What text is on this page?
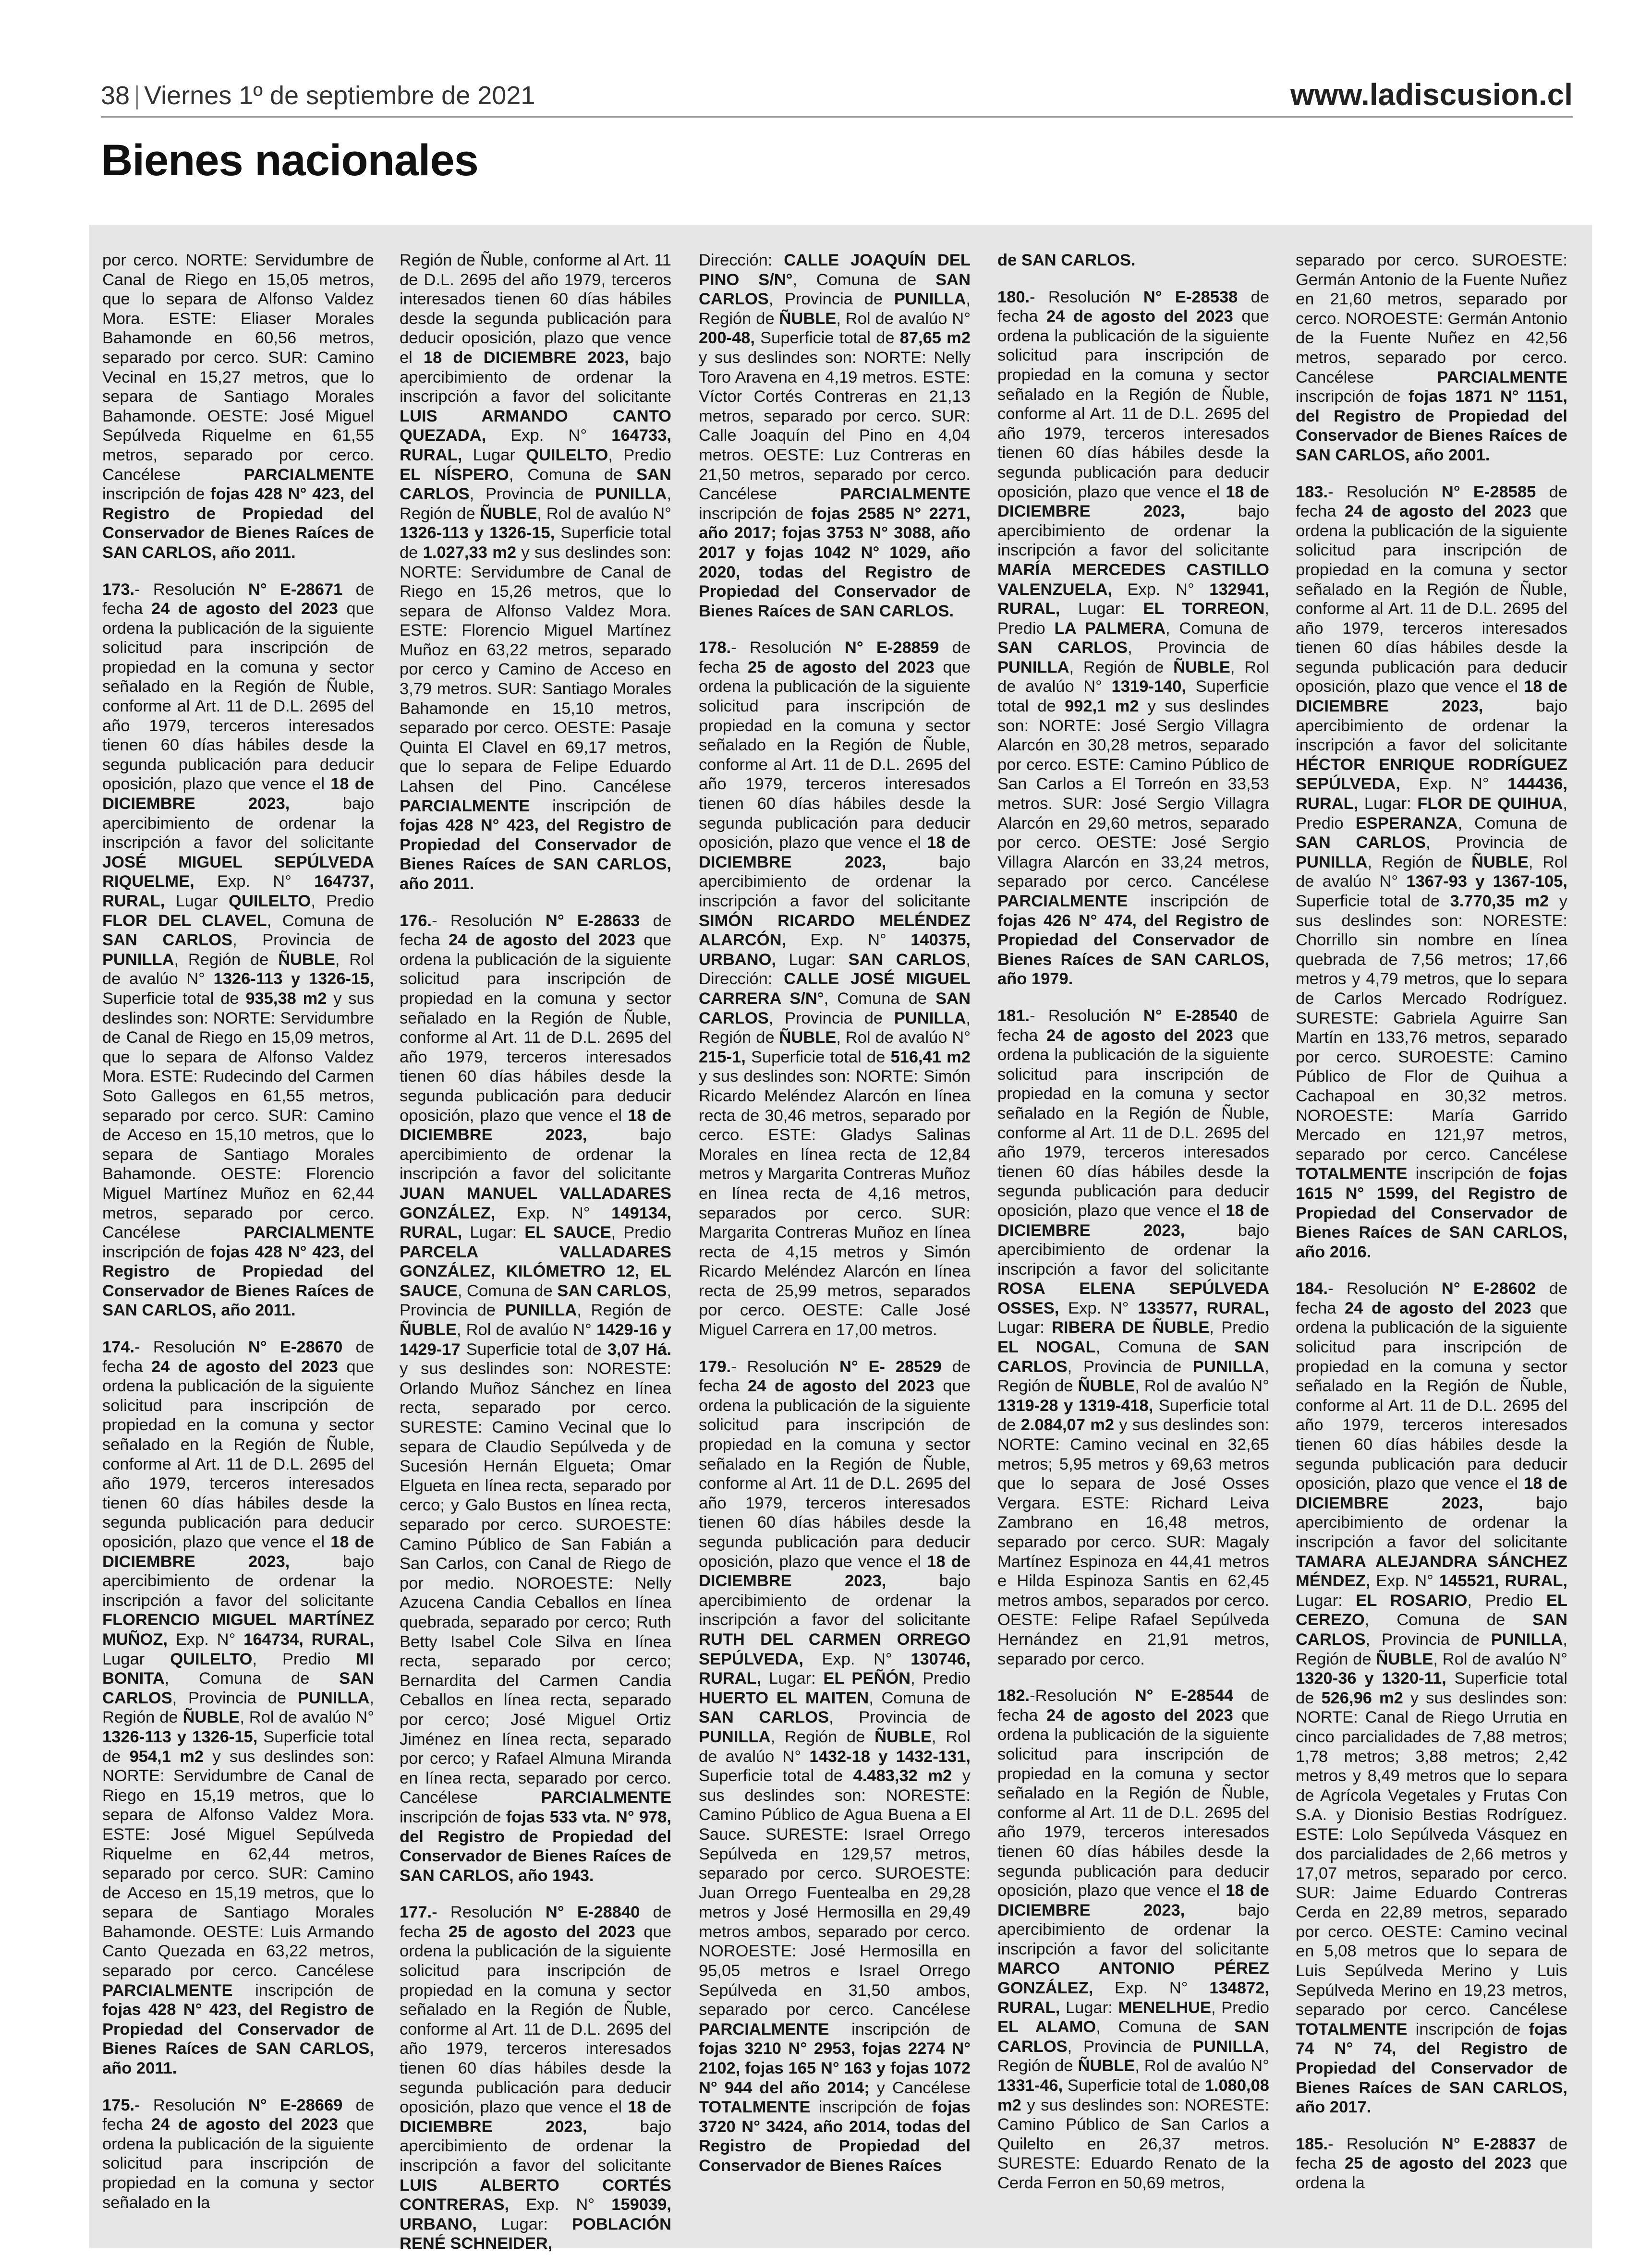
38 | Viernes 1º de septiembre de 2021	www.ladiscusion.cl
Bienes nacionales

por cerco. NORTE: Servidumbre de Canal de Riego en 15,05 metros, que lo separa de Alfonso Valdez Mora. ESTE: Eliaser Morales Bahamonde en 60,56 metros, separado por cerco. SUR: Camino Vecinal en 15,27 metros, que lo separa de Santiago Morales Bahamonde. OESTE: José Miguel Sepúlveda Riquelme en 61,55 metros, separado por cerco. Cancélese PARCIALMENTE inscripción de fojas 428 N° 423, del Registro de Propiedad del Conservador de Bienes Raíces de SAN CARLOS, año 2011.

173.- Resolución N° E-28671 de fecha 24 de agosto del 2023 que ordena la publicación de la siguiente solicitud para inscripción de propiedad en la comuna y sector señalado en la Región de Ñuble, conforme al Art. 11 de D.L. 2695 del año 1979, terceros interesados tienen 60 días hábiles desde la segunda publicación para deducir oposición, plazo que vence el 18 de DICIEMBRE 2023, bajo apercibimiento de ordenar la inscripción a favor del solicitante JOSÉ MIGUEL SEPÚLVEDA RIQUELME, Exp. N° 164737, RURAL, Lugar QUILELTO, Predio FLOR DEL CLAVEL, Comuna de SAN CARLOS, Provincia de PUNILLA, Región de ÑUBLE, Rol de avalúo N° 1326-113 y 1326-15, Superficie total de 935,38 m2 y sus deslindes son: NORTE: Servidumbre de Canal de Riego en 15,09 metros, que lo separa de Alfonso Valdez Mora. ESTE: Rudecindo del Carmen Soto Gallegos en 61,55 metros, separado por cerco. SUR: Camino de Acceso en 15,10 metros, que lo separa de Santiago Morales Bahamonde. OESTE: Florencio Miguel Martínez Muñoz en 62,44 metros, separado por cerco. Cancélese PARCIALMENTE inscripción de fojas 428 N° 423, del Registro de Propiedad del Conservador de Bienes Raíces de SAN CARLOS, año 2011.

174.- Resolución N° E-28670 de fecha 24 de agosto del 2023 que ordena la publicación de la siguiente solicitud para inscripción de propiedad en la comuna y sector señalado en la Región de Ñuble, conforme al Art. 11 de D.L. 2695 del año 1979, terceros interesados tienen 60 días hábiles desde la segunda publicación para deducir oposición, plazo que vence el 18 de DICIEMBRE 2023, bajo apercibimiento de ordenar la inscripción a favor del solicitante FLORENCIO MIGUEL MARTÍNEZ MUÑOZ, Exp. N° 164734, RURAL, Lugar QUILELTO, Predio MI BONITA, Comuna de SAN CARLOS, Provincia de PUNILLA, Región de ÑUBLE, Rol de avalúo N° 1326-113 y 1326-15, Superficie total de 954,1 m2 y sus deslindes son: NORTE: Servidumbre de Canal de Riego en 15,19 metros, que lo separa de Alfonso Valdez Mora. ESTE: José Miguel Sepúlveda Riquelme en 62,44 metros, separado por cerco. SUR: Camino de Acceso en 15,19 metros, que lo separa de Santiago Morales Bahamonde. OESTE: Luis Armando Canto Quezada en 63,22 metros, separado por cerco. Cancélese PARCIALMENTE inscripción de fojas 428 N° 423, del Registro de Propiedad del Conservador de Bienes Raíces de SAN CARLOS, año 2011.

175.- Resolución N° E-28669 de fecha 24 de agosto del 2023 que ordena la publicación de la siguiente solicitud para inscripción de propiedad en la comuna y sector señalado en la

Región de Ñuble, conforme al Art. 11 de D.L. 2695 del año 1979, terceros interesados tienen 60 días hábiles desde la segunda publicación para deducir oposición, plazo que vence el 18 de DICIEMBRE 2023, bajo apercibimiento de ordenar la inscripción a favor del solicitante LUIS ARMANDO CANTO QUEZADA, Exp. N° 164733, RURAL, Lugar QUILELTO, Predio EL NÍSPERO, Comuna de SAN CARLOS, Provincia de PUNILLA, Región de ÑUBLE, Rol de avalúo N° 1326-113 y 1326-15, Superficie total de 1.027,33 m2 y sus deslindes son: NORTE: Servidumbre de Canal de Riego en 15,26 metros, que lo separa de Alfonso Valdez Mora. ESTE: Florencio Miguel Martínez Muñoz en 63,22 metros, separado por cerco y Camino de Acceso en 3,79 metros. SUR: Santiago Morales Bahamonde en 15,10 metros, separado por cerco. OESTE: Pasaje Quinta El Clavel en 69,17 metros, que lo separa de Felipe Eduardo Lahsen del Pino. Cancélese PARCIALMENTE inscripción de fojas 428 N° 423, del Registro de Propiedad del Conservador de Bienes Raíces de SAN CARLOS, año 2011.

176.- Resolución N° E-28633 de fecha 24 de agosto del 2023 que ordena la publicación de la siguiente solicitud para inscripción de propiedad en la comuna y sector señalado en la Región de Ñuble, conforme al Art. 11 de D.L. 2695 del año 1979, terceros interesados tienen 60 días hábiles desde la segunda publicación para deducir oposición, plazo que vence el 18 de DICIEMBRE 2023, bajo apercibimiento de ordenar la inscripción a favor del solicitante JUAN MANUEL VALLADARES GONZÁLEZ, Exp. N° 149134, RURAL, Lugar: EL SAUCE, Predio PARCELA VALLADARES GONZÁLEZ, KILÓMETRO 12, EL SAUCE, Comuna de SAN CARLOS, Provincia de PUNILLA, Región de ÑUBLE, Rol de avalúo N° 1429-16 y 1429-17 Superficie total de 3,07 Há. y sus deslindes son: NORESTE: Orlando Muñoz Sánchez en línea recta, separado por cerco. SURESTE: Camino Vecinal que lo separa de Claudio Sepúlveda y de Sucesión Hernán Elgueta; Omar Elgueta en línea recta, separado por cerco; y Galo Bustos en línea recta, separado por cerco. SUROESTE: Camino Público de San Fabián a San Carlos, con Canal de Riego de por medio. NOROESTE: Nelly Azucena Candia Ceballos en línea quebrada, separado por cerco; Ruth Betty Isabel Cole Silva en línea recta, separado por cerco; Bernardita del Carmen Candia Ceballos en línea recta, separado por cerco; José Miguel Ortiz Jiménez en línea recta, separado por cerco; y Rafael Almuna Miranda en línea recta, separado por cerco. Cancélese PARCIALMENTE inscripción de fojas 533 vta. N° 978, del Registro de Propiedad del Conservador de Bienes Raíces de SAN CARLOS, año 1943.

177.- Resolución N° E-28840 de fecha 25 de agosto del 2023 que ordena la publicación de la siguiente solicitud para inscripción de propiedad en la comuna y sector señalado en la Región de Ñuble, conforme al Art. 11 de D.L. 2695 del año 1979, terceros interesados tienen 60 días hábiles desde la segunda publicación para deducir oposición, plazo que vence el 18 de DICIEMBRE 2023, bajo apercibimiento de ordenar la inscripción a favor del solicitante LUIS ALBERTO CORTÉS CONTRERAS, Exp. N° 159039, URBANO, Lugar: POBLACIÓN RENÉ SCHNEIDER,

Dirección: CALLE JOAQUÍN DEL PINO S/N°, Comuna de SAN CARLOS, Provincia de PUNILLA, Región de ÑUBLE, Rol de avalúo N° 200-48, Superficie total de 87,65 m2 y sus deslindes son: NORTE: Nelly Toro Aravena en 4,19 metros. ESTE: Víctor Cortés Contreras en 21,13 metros, separado por cerco. SUR: Calle Joaquín del Pino en 4,04 metros. OESTE: Luz Contreras en 21,50 metros, separado por cerco. Cancélese PARCIALMENTE inscripción de fojas 2585 N° 2271, año 2017; fojas 3753 N° 3088, año 2017 y fojas 1042 N° 1029, año 2020, todas del Registro de Propiedad del Conservador de Bienes Raíces de SAN CARLOS.

178.- Resolución N° E-28859 de fecha 25 de agosto del 2023 que ordena la publicación de la siguiente solicitud para inscripción de propiedad en la comuna y sector señalado en la Región de Ñuble, conforme al Art. 11 de D.L. 2695 del año 1979, terceros interesados tienen 60 días hábiles desde la segunda publicación para deducir oposición, plazo que vence el 18 de DICIEMBRE 2023, bajo apercibimiento de ordenar la inscripción a favor del solicitante SIMÓN RICARDO MELÉNDEZ ALARCÓN, Exp. N° 140375, URBANO, Lugar: SAN CARLOS, Dirección: CALLE JOSÉ MIGUEL CARRERA S/N°, Comuna de SAN CARLOS, Provincia de PUNILLA, Región de ÑUBLE, Rol de avalúo N° 215-1, Superficie total de 516,41 m2 y sus deslindes son: NORTE: Simón Ricardo Meléndez Alarcón en línea recta de 30,46 metros, separado por cerco. ESTE: Gladys Salinas Morales en línea recta de 12,84 metros y Margarita Contreras Muñoz en línea recta de 4,16 metros, separados por cerco. SUR: Margarita Contreras Muñoz en línea recta de 4,15 metros y Simón Ricardo Meléndez Alarcón en línea recta de 25,99 metros, separados por cerco. OESTE: Calle José Miguel Carrera en 17,00 metros.

179.- Resolución N° E- 28529 de fecha 24 de agosto del 2023 que ordena la publicación de la siguiente solicitud para inscripción de propiedad en la comuna y sector señalado en la Región de Ñuble, conforme al Art. 11 de D.L. 2695 del año 1979, terceros interesados tienen 60 días hábiles desde la segunda publicación para deducir oposición, plazo que vence el 18 de DICIEMBRE 2023, bajo apercibimiento de ordenar la inscripción a favor del solicitante RUTH DEL CARMEN ORREGO SEPÚLVEDA, Exp. N° 130746, RURAL, Lugar: EL PEÑÓN, Predio HUERTO EL MAITEN, Comuna de SAN CARLOS, Provincia de PUNILLA, Región de ÑUBLE, Rol de avalúo N° 1432-18 y 1432-131, Superficie total de 4.483,32 m2 y sus deslindes son: NORESTE: Camino Público de Agua Buena a El Sauce. SURESTE: Israel Orrego Sepúlveda en 129,57 metros, separado por cerco. SUROESTE: Juan Orrego Fuentealba en 29,28 metros y José Hermosilla en 29,49 metros ambos, separado por cerco. NOROESTE: José Hermosilla en 95,05 metros e Israel Orrego Sepúlveda en 31,50 ambos, separado por cerco. Cancélese PARCIALMENTE inscripción de fojas 3210 N° 2953, fojas 2274 N° 2102, fojas 165 N° 163 y fojas 1072 N° 944 del año 2014; y Cancélese TOTALMENTE inscripción de fojas 3720 N° 3424, año 2014, todas del Registro de Propiedad del Conservador de Bienes Raíces

de SAN CARLOS.

180.- Resolución N° E-28538 de fecha 24 de agosto del 2023 que ordena la publicación de la siguiente solicitud para inscripción de propiedad en la comuna y sector señalado en la Región de Ñuble, conforme al Art. 11 de D.L. 2695 del año 1979, terceros interesados tienen 60 días hábiles desde la segunda publicación para deducir oposición, plazo que vence el 18 de DICIEMBRE 2023, bajo apercibimiento de ordenar la inscripción a favor del solicitante MARÍA MERCEDES CASTILLO VALENZUELA, Exp. N° 132941, RURAL, Lugar: EL TORREON, Predio LA PALMERA, Comuna de SAN CARLOS, Provincia de PUNILLA, Región de ÑUBLE, Rol de avalúo N° 1319-140, Superficie total de 992,1 m2 y sus deslindes son: NORTE: José Sergio Villagra Alarcón en 30,28 metros, separado por cerco. ESTE: Camino Público de San Carlos a El Torreón en 33,53 metros. SUR: José Sergio Villagra Alarcón en 29,60 metros, separado por cerco. OESTE: José Sergio Villagra Alarcón en 33,24 metros, separado por cerco. Cancélese PARCIALMENTE inscripción de fojas 426 N° 474, del Registro de Propiedad del Conservador de Bienes Raíces de SAN CARLOS, año 1979.

181.- Resolución N° E-28540 de fecha 24 de agosto del 2023 que ordena la publicación de la siguiente solicitud para inscripción de propiedad en la comuna y sector señalado en la Región de Ñuble, conforme al Art. 11 de D.L. 2695 del año 1979, terceros interesados tienen 60 días hábiles desde la segunda publicación para deducir oposición, plazo que vence el 18 de DICIEMBRE 2023, bajo apercibimiento de ordenar la inscripción a favor del solicitante ROSA ELENA SEPÚLVEDA OSSES, Exp. N° 133577, RURAL, Lugar: RIBERA DE ÑUBLE, Predio EL NOGAL, Comuna de SAN CARLOS, Provincia de PUNILLA, Región de ÑUBLE, Rol de avalúo N° 1319-28 y 1319-418, Superficie total de 2.084,07 m2 y sus deslindes son: NORTE: Camino vecinal en 32,65 metros; 5,95 metros y 69,63 metros que lo separa de José Osses Vergara. ESTE: Richard Leiva Zambrano en 16,48 metros, separado por cerco. SUR: Magaly Martínez Espinoza en 44,41 metros e Hilda Espinoza Santis en 62,45 metros ambos, separados por cerco. OESTE: Felipe Rafael Sepúlveda Hernández en 21,91 metros, separado por cerco.

182.-Resolución N° E-28544 de fecha 24 de agosto del 2023 que ordena la publicación de la siguiente solicitud para inscripción de propiedad en la comuna y sector señalado en la Región de Ñuble, conforme al Art. 11 de D.L. 2695 del año 1979, terceros interesados tienen 60 días hábiles desde la segunda publicación para deducir oposición, plazo que vence el 18 de DICIEMBRE 2023, bajo apercibimiento de ordenar la inscripción a favor del solicitante MARCO ANTONIO PÉREZ GONZÁLEZ, Exp. N° 134872, RURAL, Lugar: MENELHUE, Predio EL ALAMO, Comuna de SAN CARLOS, Provincia de PUNILLA, Región de ÑUBLE, Rol de avalúo N° 1331-46, Superficie total de 1.080,08 m2 y sus deslindes son: NORESTE: Camino Público de San Carlos a Quilelto en 26,37 metros. SURESTE: Eduardo Renato de la Cerda Ferron en 50,69 metros,

separado por cerco. SUROESTE: Germán Antonio de la Fuente Nuñez en 21,60 metros, separado por cerco. NOROESTE: Germán Antonio de la Fuente Nuñez en 42,56 metros, separado por cerco. Cancélese PARCIALMENTE inscripción de fojas 1871 N° 1151, del Registro de Propiedad del Conservador de Bienes Raíces de SAN CARLOS, año 2001.

183.- Resolución N° E-28585 de fecha 24 de agosto del 2023 que ordena la publicación de la siguiente solicitud para inscripción de propiedad en la comuna y sector señalado en la Región de Ñuble, conforme al Art. 11 de D.L. 2695 del año 1979, terceros interesados tienen 60 días hábiles desde la segunda publicación para deducir oposición, plazo que vence el 18 de DICIEMBRE 2023, bajo apercibimiento de ordenar la inscripción a favor del solicitante HÉCTOR ENRIQUE RODRÍGUEZ SEPÚLVEDA, Exp. N° 144436, RURAL, Lugar: FLOR DE QUIHUA, Predio ESPERANZA, Comuna de SAN CARLOS, Provincia de PUNILLA, Región de ÑUBLE, Rol de avalúo N° 1367-93 y 1367-105, Superficie total de 3.770,35 m2 y sus deslindes son: NORESTE: Chorrillo sin nombre en línea quebrada de 7,56 metros; 17,66 metros y 4,79 metros, que lo separa de Carlos Mercado Rodríguez. SURESTE: Gabriela Aguirre San Martín en 133,76 metros, separado por cerco. SUROESTE: Camino Público de Flor de Quihua a Cachapoal en 30,32 metros. NOROESTE: María Garrido Mercado en 121,97 metros, separado por cerco. Cancélese TOTALMENTE inscripción de fojas 1615 N° 1599, del Registro de Propiedad del Conservador de Bienes Raíces de SAN CARLOS, año 2016.

184.- Resolución N° E-28602 de fecha 24 de agosto del 2023 que ordena la publicación de la siguiente solicitud para inscripción de propiedad en la comuna y sector señalado en la Región de Ñuble, conforme al Art. 11 de D.L. 2695 del año 1979, terceros interesados tienen 60 días hábiles desde la segunda publicación para deducir oposición, plazo que vence el 18 de DICIEMBRE 2023, bajo apercibimiento de ordenar la inscripción a favor del solicitante TAMARA ALEJANDRA SÁNCHEZ MÉNDEZ, Exp. N° 145521, RURAL, Lugar: EL ROSARIO, Predio EL CEREZO, Comuna de SAN CARLOS, Provincia de PUNILLA, Región de ÑUBLE, Rol de avalúo N° 1320-36 y 1320-11, Superficie total de 526,96 m2 y sus deslindes son: NORTE: Canal de Riego Urrutia en cinco parcialidades de 7,88 metros; 1,78 metros; 3,88 metros; 2,42 metros y 8,49 metros que lo separa de Agrícola Vegetales y Frutas Con S.A. y Dionisio Bestias Rodríguez. ESTE: Lolo Sepúlveda Vásquez en dos parcialidades de 2,66 metros y 17,07 metros, separado por cerco. SUR: Jaime Eduardo Contreras Cerda en 22,89 metros, separado por cerco. OESTE: Camino vecinal en 5,08 metros que lo separa de Luis Sepúlveda Merino y Luis Sepúlveda Merino en 19,23 metros, separado por cerco. Cancélese TOTALMENTE inscripción de fojas 74 N° 74, del Registro de Propiedad del Conservador de Bienes Raíces de SAN CARLOS, año 2017.

185.- Resolución N° E-28837 de fecha 25 de agosto del 2023 que ordena la
